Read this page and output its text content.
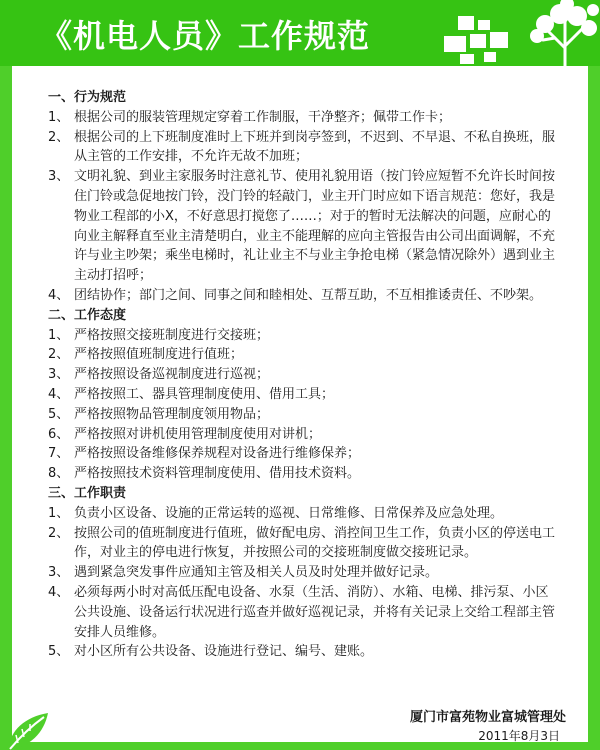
《机电人员》工作规范

一、行为规范

1、 根据公司的服装管理规定穿着工作制服，干净整齐；佩带工作卡；
2、 根据公司的上下班制度准时上下班并到岗亭签到，不迟到、不早退、不私自换班，服从主管的工作安排，不允许无故不加班；
3、 文明礼貌、到业主家服务时注意礼节、使用礼貌用语（按门铃应短暂不允许长时间按住门铃或急促地按门铃，没门铃的轻敲门，业主开门时应如下语言规范：您好，我是物业工程部的小X，不好意思打搅您了……；对于的暂时无法解决的问题，应耐心的向业主解释直至业主清楚明白，业主不能理解的应向主管报告由公司出面调解，不充许与业主吵架；乘坐电梯时，礼让业主不与业主争抢电梯（紧急情况除外）遇到业主主动打招呼；
4、 团结协作；部门之间、同事之间和睦相处、互帮互助，不互相推诿责任、不吵架。

二、工作态度

1、 严格按照交接班制度进行交接班；
2、 严格按照值班制度进行值班；
3、 严格按照设备巡视制度进行巡视；
4、 严格按照工、器具管理制度使用、借用工具；
5、 严格按照物品管理制度领用物品；
6、 严格按照对讲机使用管理制度使用对讲机；
7、 严格按照设备维修保养规程对设备进行维修保养；
8、 严格按照技术资料管理制度使用、借用技术资料。

三、工作职责

1、 负责小区设备、设施的正常运转的巡视、日常维修、日常保养及应急处理。
2、 按照公司的值班制度进行值班，做好配电房、消控间卫生工作，负责小区的停送电工作，对业主的停电进行恢复，并按照公司的交接班制度做交接班记录。
3、 遇到紧急突发事件应通知主管及相关人员及时处理并做好记录。
4、 必须每两小时对高低压配电设备、水泵（生活、消防）、水箱、电梯、排污泵、小区公共设施、设备运行状况进行巡查并做好巡视记录，并将有关记录上交给工程部主管安排人员维修。
5、 对小区所有公共设备、设施进行登记、编号、建账。
厦门市富苑物业富城管理处
2011年8月3日
